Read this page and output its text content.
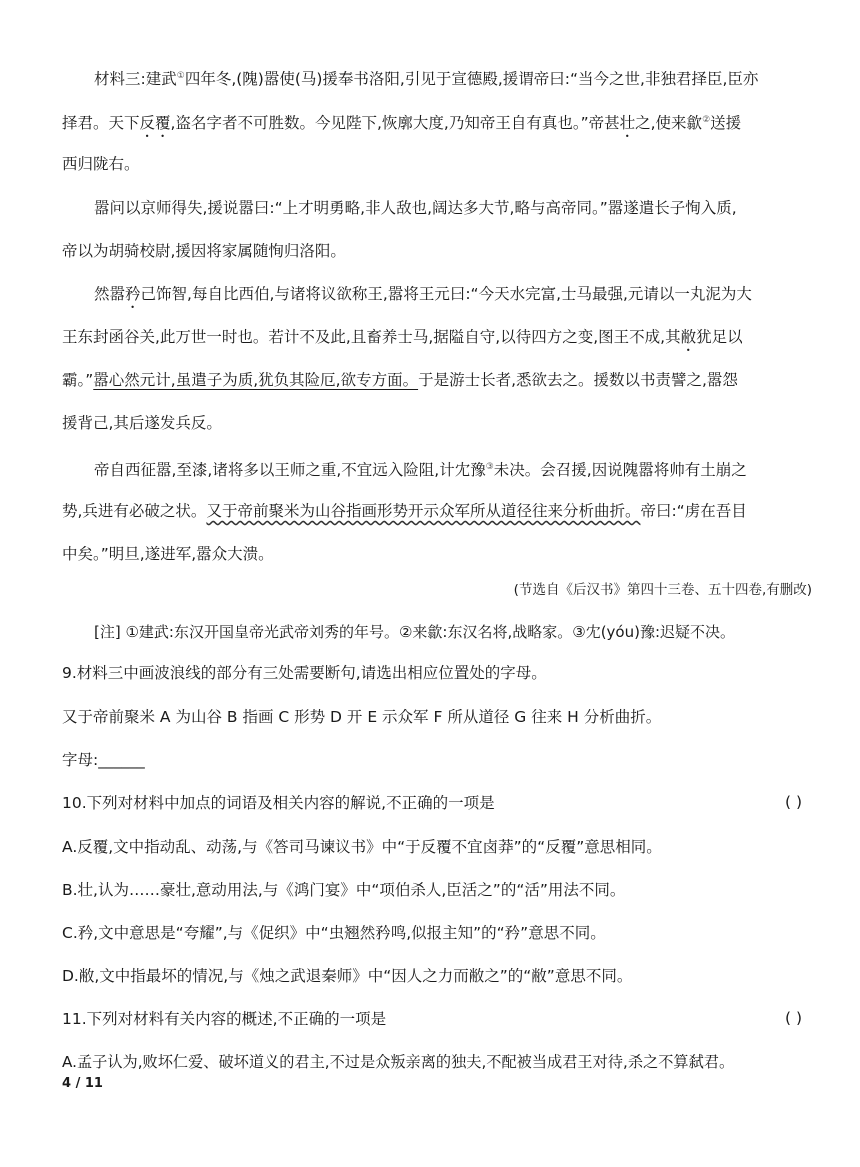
材料三:建武①四年冬,(隗)嚣使(马)援奉书洛阳,引见于宣德殿,援谓帝曰:“当今之世,非独君择臣,臣亦
择君。天下反覆,盗名字者不可胜数。今见陛下,恢廓大度,乃知帝王自有真也。”帝甚壮之,使来歙②送援
西归陇右。
嚣问以京师得失,援说嚣曰:“上才明勇略,非人敌也,阔达多大节,略与高帝同。”嚣遂遣长子恂入质,
帝以为胡骑校尉,援因将家属随恂归洛阳。
然嚣矜己饰智,每自比西伯,与诸将议欲称王,嚣将王元曰:“今天水完富,士马最强,元请以一丸泥为大
王东封函谷关,此万世一时也。若计不及此,且畜养士马,据隘自守,以待四方之变,图王不成,其敝犹足以
霸。”嚣心然元计,虽遣子为质,犹负其险厄,欲专方面。于是游士长者,悉欲去之。援数以书责譬之,嚣怨
援背己,其后遂发兵反。
帝自西征嚣,至漆,诸将多以王师之重,不宜远入险阻,计冘豫③未决。会召援,因说隗嚣将帅有土崩之
势,兵进有必破之状。又于帝前聚米为山谷指画形势开示众军所从道径往来分析曲折。帝曰:“虏在吾目
中矣。”明旦,遂进军,嚣众大溃。
(节选自《后汉书》第四十三卷、五十四卷,有删改)
[注] ①建武:东汉开国皇帝光武帝刘秀的年号。②来歙:东汉名将,战略家。③冘(yóu)豫:迟疑不决。
9.材料三中画波浪线的部分有三处需要断句,请选出相应位置处的字母。
又于帝前聚米 A 为山谷 B 指画 C 形势 D 开 E 示众军 F 所从道径 G 往来 H 分析曲折。
字母:______
10.下列对材料中加点的词语及相关内容的解说,不正确的一项是	( )
A.反覆,文中指动乱、动荡,与《答司马谏议书》中“于反覆不宜卤莽”的“反覆”意思相同。
B.壮,认为……豪壮,意动用法,与《鸿门宴》中“项伯杀人,臣活之”的“活”用法不同。
C.矜,文中意思是“夸耀”,与《促织》中“虫翘然矜鸣,似报主知”的“矜”意思不同。
D.敝,文中指最坏的情况,与《烛之武退秦师》中“因人之力而敝之”的“敝”意思不同。
11.下列对材料有关内容的概述,不正确的一项是	( )
A.孟子认为,败坏仁爱、破坏道义的君主,不过是众叛亲离的独夫,不配被当成君王对待,杀之不算弑君。
4 / 11
